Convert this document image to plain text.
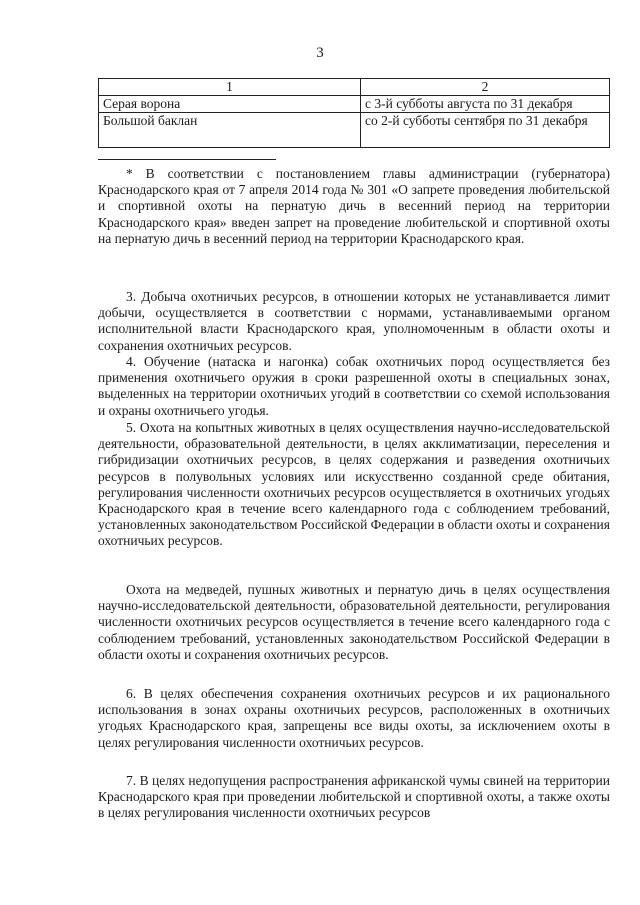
3
1	2
Серая ворона	с 3-й субботы августа по 31 декабря
Большой баклан	со 2-й субботы сентября по 31 декабря

* В соответствии с постановлением главы администрации (губернатора) Краснодарского края от 7 апреля 2014 года № 301 «О запрете проведения любительской и спортивной охоты на пернатую дичь в весенний период на территории Краснодарского края» введен запрет на проведение любительской и спортивной охоты на пернатую дичь в весенний период на территории Краснодарского края.

3. Добыча охотничьих ресурсов, в отношении которых не устанавливается лимит добычи, осуществляется в соответствии с нормами, устанавливаемыми органом исполнительной власти Краснодарского края, уполномоченным в области охоты и сохранения охотничьих ресурсов.

4. Обучение (натаска и нагонка) собак охотничьих пород осуществляется без применения охотничьего оружия в сроки разрешенной охоты в специальных зонах, выделенных на территории охотничьих угодий в соответствии со схемой использования и охраны охотничьего угодья.

5. Охота на копытных животных в целях осуществления научно-исследовательской деятельности, образовательной деятельности, в целях акклиматизации, переселения и гибридизации охотничьих ресурсов, в целях содержания и разведения охотничьих ресурсов в полувольных условиях или искусственно созданной среде обитания, регулирования численности охотничьих ресурсов осуществляется в охотничьих угодьях Краснодарского края в течение всего календарного года с соблюдением требований, установленных законодательством Российской Федерации в области охоты и сохранения охотничьих ресурсов.

Охота на медведей, пушных животных и пернатую дичь в целях осуществления научно-исследовательской деятельности, образовательной деятельности, регулирования численности охотничьих ресурсов осуществляется в течение всего календарного года с соблюдением требований, установленных законодательством Российской Федерации в области охоты и сохранения охотничьих ресурсов.

6. В целях обеспечения сохранения охотничьих ресурсов и их рационального использования в зонах охраны охотничьих ресурсов, расположенных в охотничьих угодьях Краснодарского края, запрещены все виды охоты, за исключением охоты в целях регулирования численности охотничьих ресурсов.

7. В целях недопущения распространения африканской чумы свиней на территории Краснодарского края при проведении любительской и спортивной охоты, а также охоты в целях регулирования численности охотничьих ресурсов
